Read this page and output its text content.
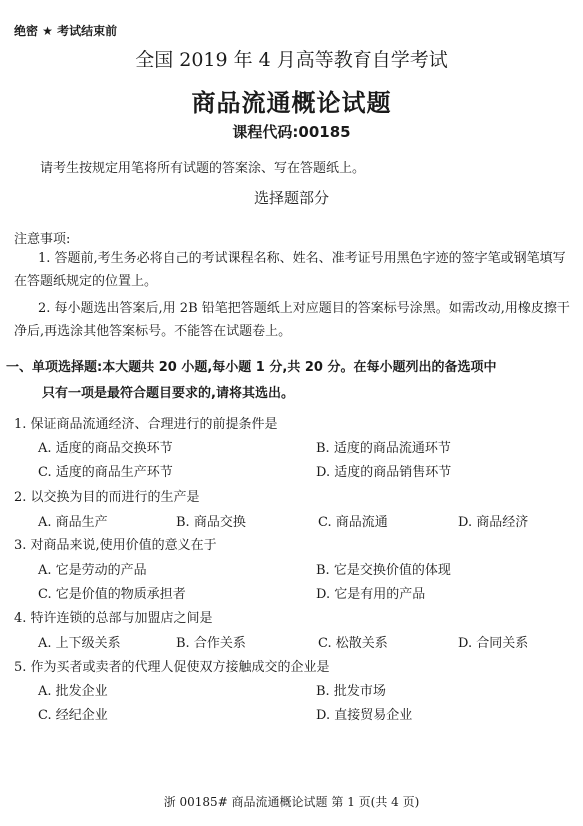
绝密 ★ 考试结束前
全国 2019 年 4 月高等教育自学考试
商品流通概论试题
课程代码:00185
请考生按规定用笔将所有试题的答案涂、写在答题纸上。
选择题部分
注意事项:
1. 答题前,考生务必将自己的考试课程名称、姓名、准考证号用黑色字迹的签字笔或钢笔填写在答题纸规定的位置上。
2. 每小题选出答案后,用 2B 铅笔把答题纸上对应题目的答案标号涂黑。如需改动,用橡皮擦干净后,再选涂其他答案标号。不能答在试题卷上。
一、单项选择题:本大题共 20 小题,每小题 1 分,共 20 分。在每小题列出的备选项中
只有一项是最符合题目要求的,请将其选出。
1. 保证商品流通经济、合理进行的前提条件是
A. 适度的商品交换环节	B. 适度的商品流通环节
C. 适度的商品生产环节	D. 适度的商品销售环节
2. 以交换为目的而进行的生产是
A. 商品生产	B. 商品交换	C. 商品流通	D. 商品经济
3. 对商品来说,使用价值的意义在于
A. 它是劳动的产品	B. 它是交换价值的体现
C. 它是价值的物质承担者	D. 它是有用的产品
4. 特许连锁的总部与加盟店之间是
A. 上下级关系	B. 合作关系	C. 松散关系	D. 合同关系
5. 作为买者或卖者的代理人促使双方接触成交的企业是
A. 批发企业	B. 批发市场
C. 经纪企业	D. 直接贸易企业
浙 00185# 商品流通概论试题 第 1 页(共 4 页)
